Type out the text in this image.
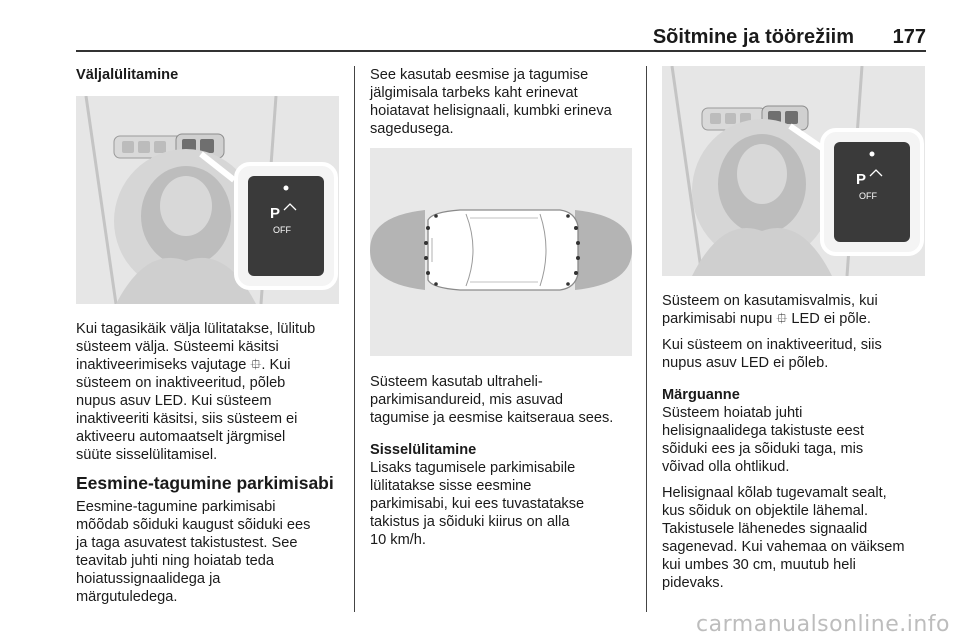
Sõitmine ja töörežiim 177

Väljalülitamine

P
OFF

Kui tagasikäik välja lülitatakse, lülitub

süsteem välja. Süsteemi käsitsi

inaktiveerimiseks vajutage ⯐. Kui

süsteem on inaktiveeritud, põleb

nupus asuv LED. Kui süsteem

inaktiveeriti käsitsi, siis süsteem ei

aktiveeru automaatselt järgmisel

süüte sisselülitamisel.

Eesmine-tagumine parkimisabi

Eesmine-tagumine parkimisabi

mõõdab sõiduki kaugust sõiduki ees

ja taga asuvatest takistustest. See

teavitab juhti ning hoiatab teda

hoiatussignaalidega ja

märgutuledega.

See kasutab eesmise ja tagumise

jälgimisala tarbeks kaht erinevat

hoiatavat helisignaali, kumbki erineva

sagedusega.

Süsteem kasutab ultraheli-

parkimisandureid, mis asuvad

tagumise ja eesmise kaitseraua sees.

Sisselülitamine

Lisaks tagumisele parkimisabile

lülitatakse sisse eesmine

parkimisabi, kui ees tuvastatakse

takistus ja sõiduki kiirus on alla

10 km/h.

P
OFF

Süsteem on kasutamisvalmis, kui

parkimisabi nupu ⯐ LED ei põle.

Kui süsteem on inaktiveeritud, siis

nupus asuv LED ei põleb.

Märguanne

Süsteem hoiatab juhti

helisignaalidega takistuste eest

sõiduki ees ja sõiduki taga, mis

võivad olla ohtlikud.

Helisignaal kõlab tugevamalt sealt,

kus sõiduk on objektile lähemal.

Takistusele lähenedes signaalid

sagenevad. Kui vahemaa on väiksem

kui umbes 30 cm, muutub heli

pidevaks.

carmanualsonline.info
